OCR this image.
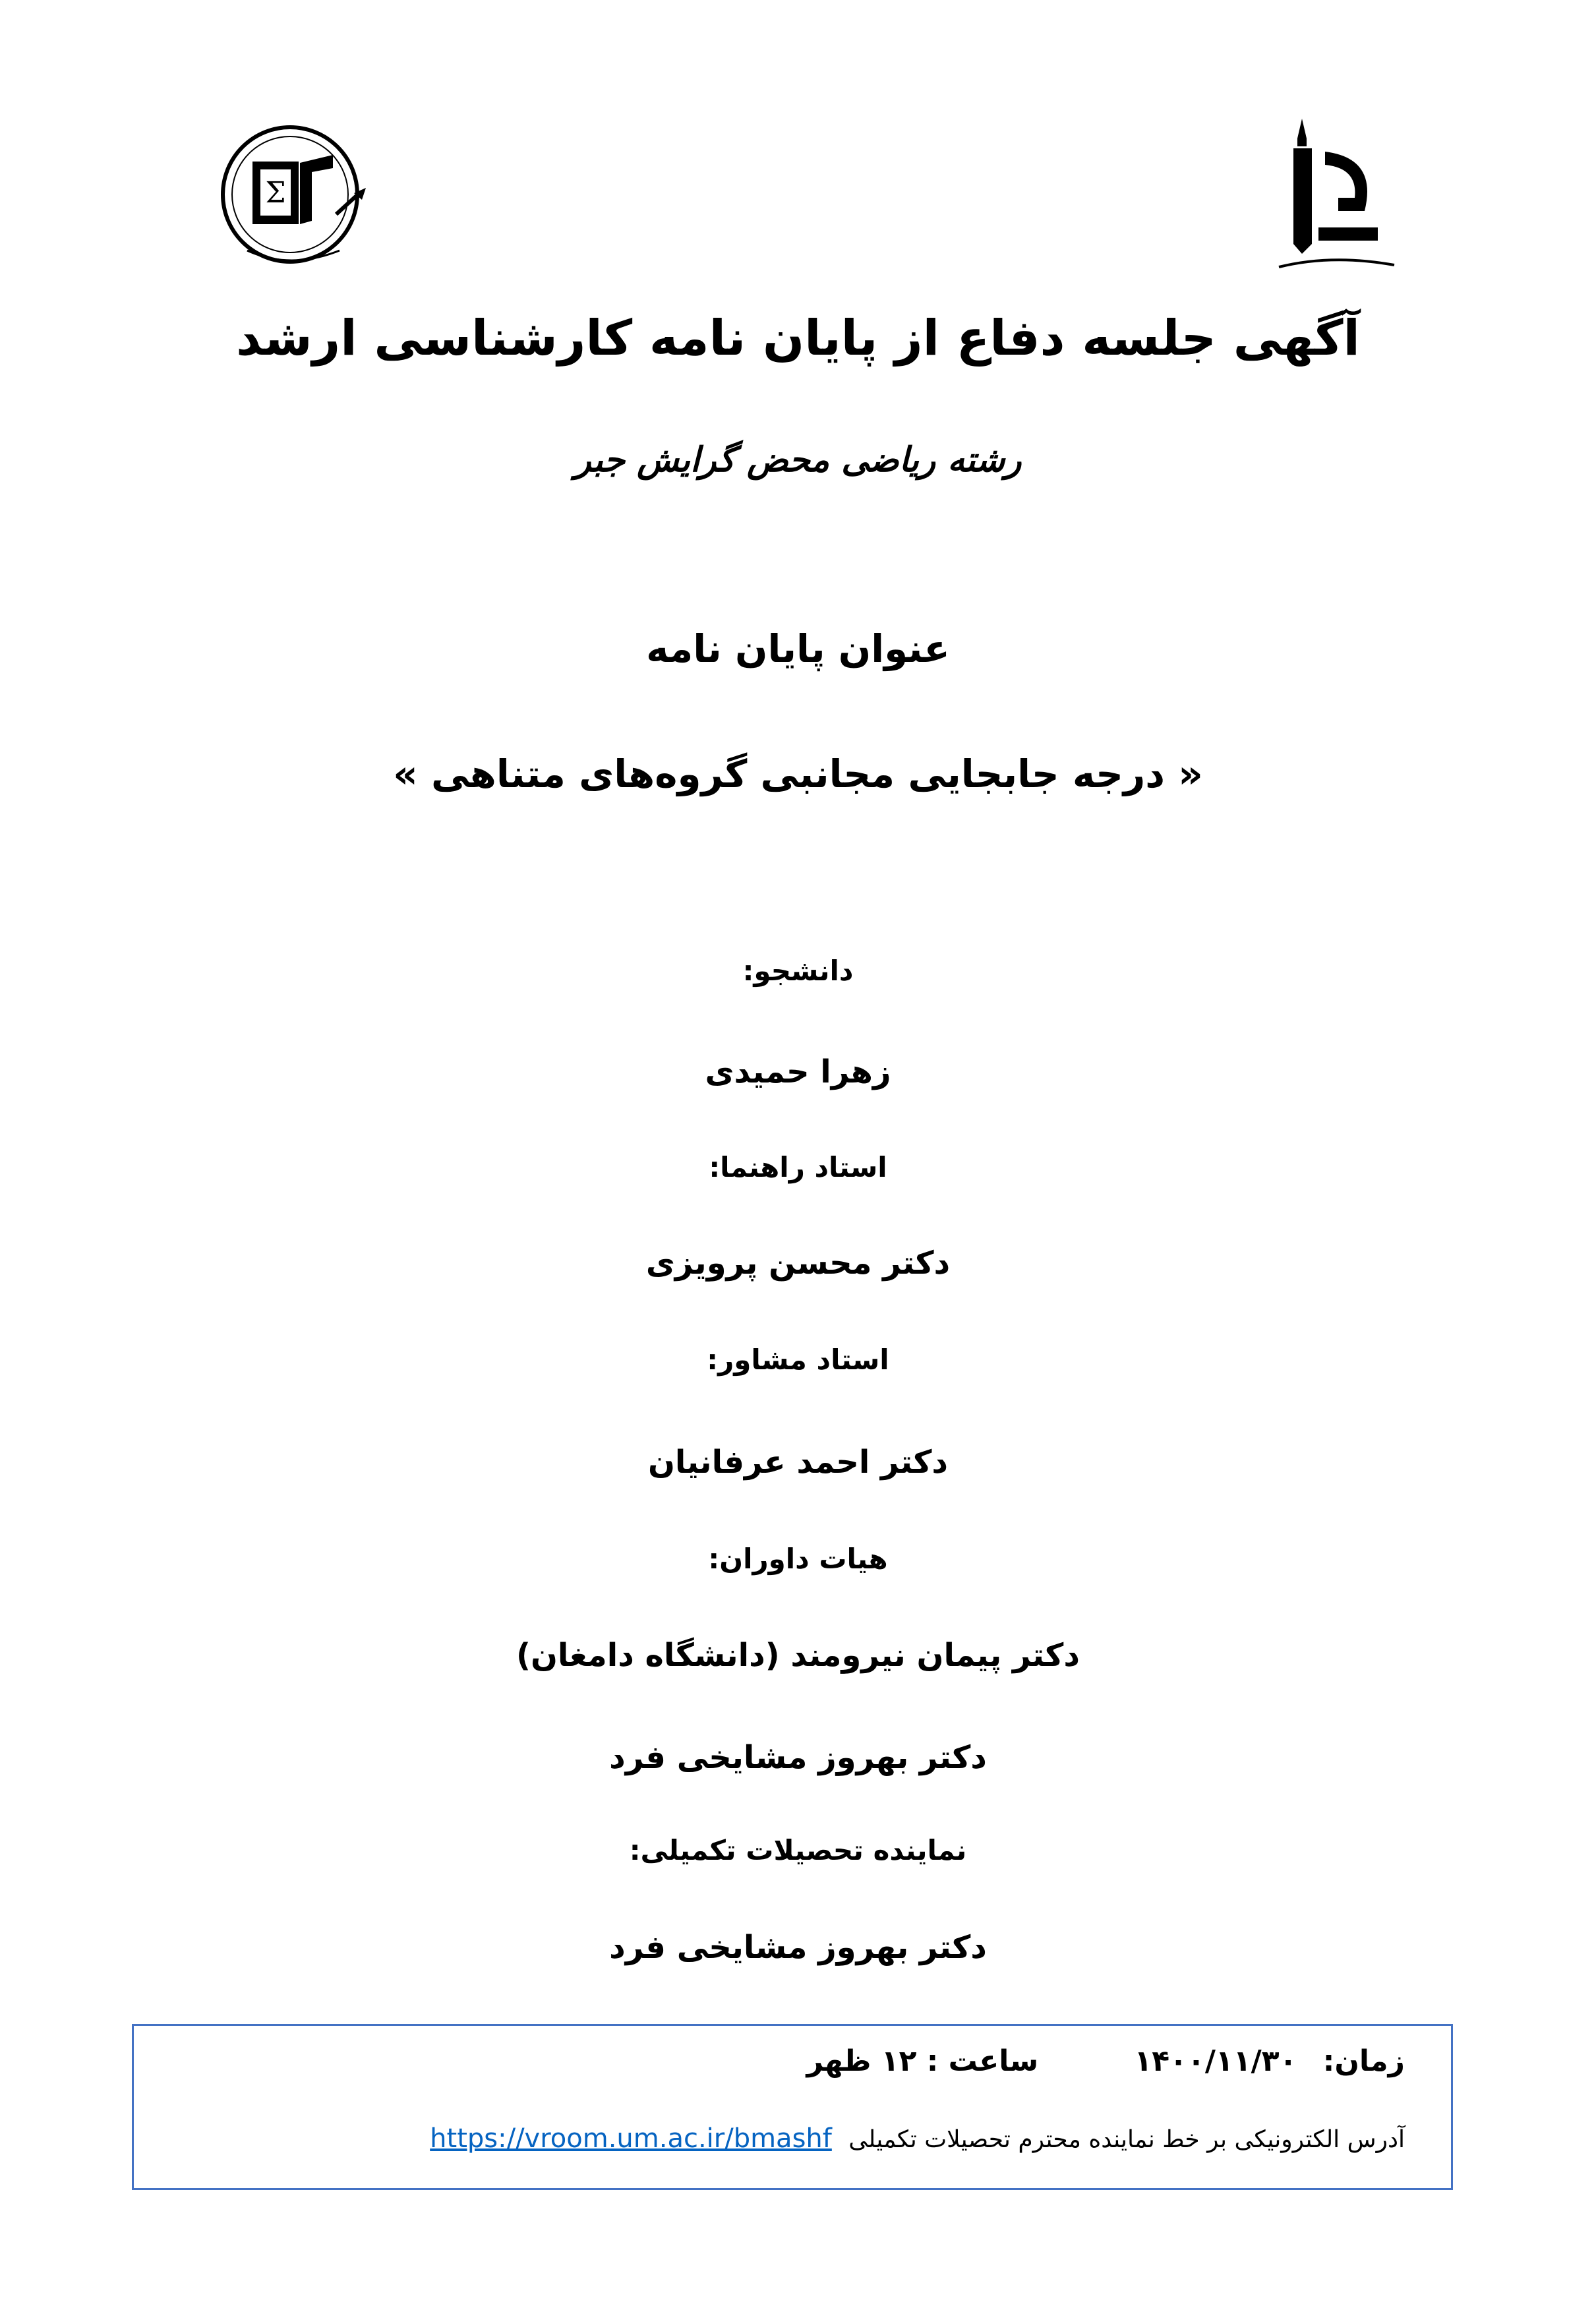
Σ
آگهی جلسه دفاع از پایان نامه کارشناسی ارشد
رشته ریاضی محض گرایش جبر
عنوان پایان نامه
« درجه جابجایی مجانبی گروه‌های متناهی »
دانشجو:
زهرا حمیدی
استاد راهنما:
دکتر محسن پرویزی
استاد مشاور:
دکتر احمد عرفانیان
هیات داوران:
دکتر پیمان نیرومند (دانشگاه دامغان)
دکتر بهروز مشایخی فرد
نماینده تحصیلات تکمیلی:
دکتر بهروز مشایخی فرد
زمان: ۱۴۰۰/۱۱/۳۰ ساعت : ۱۲ ظهر
آدرس الکترونیکی بر خط نماینده محترم تحصیلات تکمیلی https://vroom.um.ac.ir/bmashf
